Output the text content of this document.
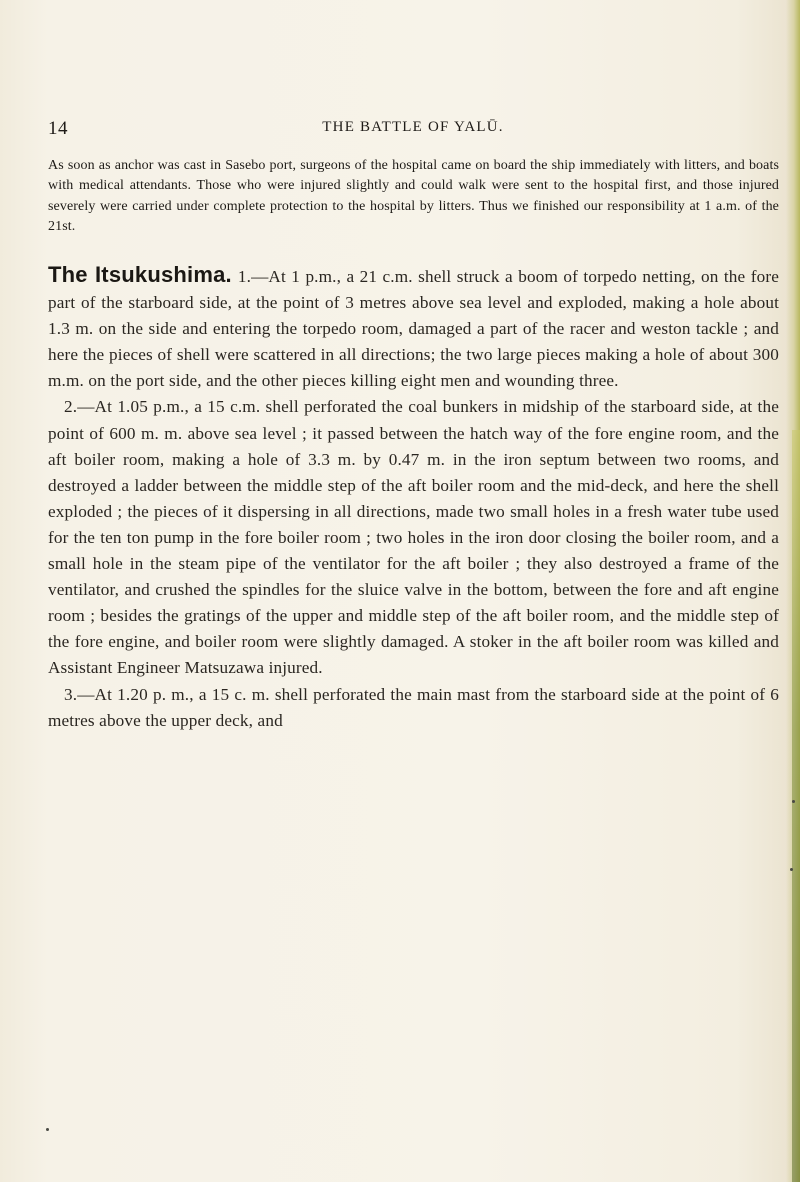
14	THE BATTLE OF YALŪ.
As soon as anchor was cast in Sasebo port, surgeons of the hospital came on board the ship immediately with litters, and boats with medical attendants. Those who were injured slightly and could walk were sent to the hospital first, and those injured severely were carried under complete protection to the hospital by litters. Thus we finished our responsibility at 1 a.m. of the 21st.

The Itsukushima. 1.—At 1 p.m., a 21 c.m. shell struck a boom of torpedo netting, on the fore part of the starboard side, at the point of 3 metres above sea level and exploded, making a hole about 1.3 m. on the side and entering the torpedo room, damaged a part of the racer and weston tackle ; and here the pieces of shell were scattered in all directions; the two large pieces making a hole of about 300 m.m. on the port side, and the other pieces killing eight men and wounding three.

2.—At 1.05 p.m., a 15 c.m. shell perforated the coal bunkers in midship of the starboard side, at the point of 600 m. m. above sea level ; it passed between the hatch way of the fore engine room, and the aft boiler room, making a hole of 3.3 m. by 0.47 m. in the iron septum between two rooms, and destroyed a ladder between the middle step of the aft boiler room and the mid-deck, and here the shell exploded ; the pieces of it dispersing in all directions, made two small holes in a fresh water tube used for the ten ton pump in the fore boiler room ; two holes in the iron door closing the boiler room, and a small hole in the steam pipe of the ventilator for the aft boiler ; they also destroyed a frame of the ventilator, and crushed the spindles for the sluice valve in the bottom, between the fore and aft engine room ; besides the gratings of the upper and middle step of the aft boiler room, and the middle step of the fore engine, and boiler room were slightly damaged. A stoker in the aft boiler room was killed and Assistant Engineer Matsuzawa injured.

3.—At 1.20 p. m., a 15 c. m. shell perforated the main mast from the starboard side at the point of 6 metres above the upper deck, and
